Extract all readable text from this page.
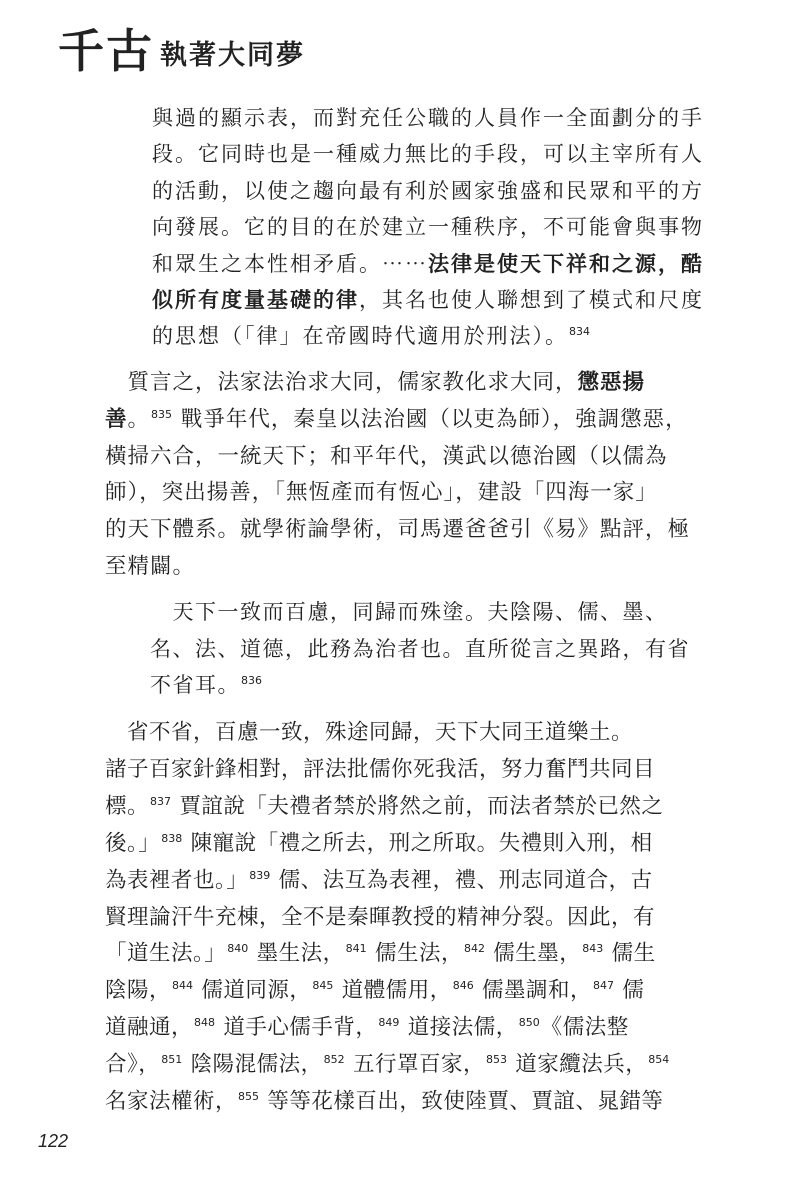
千古 執著大同夢
與過的顯示表，而對充任公職的人員作一全面劃分的手
段。它同時也是一種威力無比的手段，可以主宰所有人
的活動，以使之趨向最有利於國家強盛和民眾和平的方
向發展。它的目的在於建立一種秩序，不可能會與事物
和眾生之本性相矛盾。⋯⋯法律是使天下祥和之源，酷
似所有度量基礎的律，其名也使人聯想到了模式和尺度
的思想（「律」在帝國時代適用於刑法）。$^{834}$
　質言之，法家法治求大同，儒家教化求大同，懲惡揚
善。$^{835}$ 戰爭年代，秦皇以法治國（以吏為師），強調懲惡，
橫掃六合，一統天下；和平年代，漢武以德治國（以儒為
師），突出揚善，「無恆產而有恆心」，建設「四海一家」
的天下體系。就學術論學術，司馬遷爸爸引《易》點評，極
至精闢。
　天下一致而百慮，同歸而殊塗。夫陰陽、儒、墨、
名、法、道德，此務為治者也。直所從言之異路，有省
不省耳。$^{836}$
　省不省，百慮一致，殊途同歸，天下大同王道樂土。
諸子百家針鋒相對，評法批儒你死我活，努力奮鬥共同目
標。$^{837}$ 賈誼說「夫禮者禁於將然之前，而法者禁於已然之
後。」$^{838}$ 陳寵說「禮之所去，刑之所取。失禮則入刑，相
為表裡者也。」$^{839}$ 儒、法互為表裡，禮、刑志同道合，古
賢理論汗牛充棟，全不是秦暉教授的精神分裂。因此，有
「道生法。」$^{840}$ 墨生法，$^{841}$ 儒生法，$^{842}$ 儒生墨，$^{843}$ 儒生
陰陽，$^{844}$ 儒道同源，$^{845}$ 道體儒用，$^{846}$ 儒墨調和，$^{847}$ 儒
道融通，$^{848}$ 道手心儒手背，$^{849}$ 道接法儒，$^{850}$《儒法整
合》，$^{851}$ 陰陽混儒法，$^{852}$ 五行罩百家，$^{853}$ 道家纜法兵，$^{854}$
名家法權術，$^{855}$ 等等花樣百出，致使陸賈、賈誼、晁錯等
122
